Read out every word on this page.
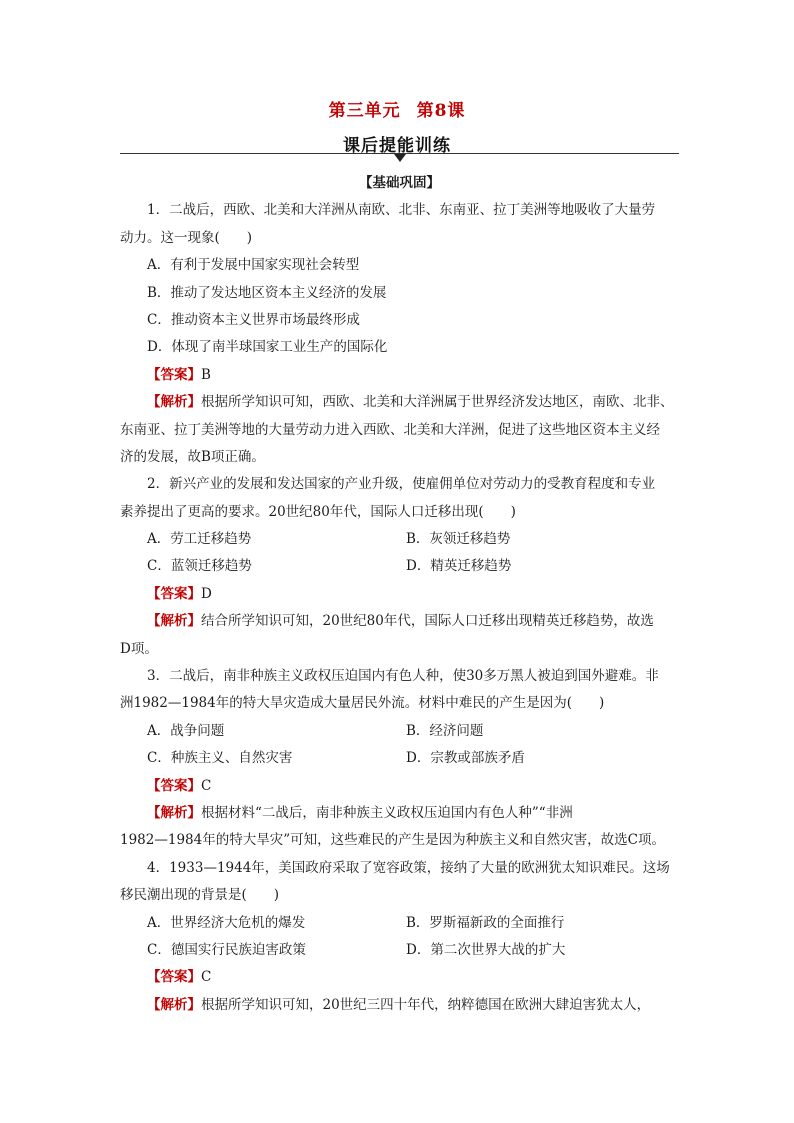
第三单元 第8课
课后提能训练
【基础巩固】
1．二战后，西欧、北美和大洋洲从南欧、北非、东南亚、拉丁美洲等地吸收了大量劳
动力。这一现象(　　)
A．有利于发展中国家实现社会转型
B．推动了发达地区资本主义经济的发展
C．推动资本主义世界市场最终形成
D．体现了南半球国家工业生产的国际化
【答案】B
【解析】根据所学知识可知，西欧、北美和大洋洲属于世界经济发达地区，南欧、北非、
东南亚、拉丁美洲等地的大量劳动力进入西欧、北美和大洋洲，促进了这些地区资本主义经
济的发展，故B项正确。
2．新兴产业的发展和发达国家的产业升级，使雇佣单位对劳动力的受教育程度和专业
素养提出了更高的要求。20世纪80年代，国际人口迁移出现(　　)
A．劳工迁移趋势	B．灰领迁移趋势
C．蓝领迁移趋势	D．精英迁移趋势
【答案】D
【解析】结合所学知识可知，20世纪80年代，国际人口迁移出现精英迁移趋势，故选
D项。
3．二战后，南非种族主义政权压迫国内有色人种，使30多万黑人被迫到国外避难。非
洲1982—1984年的特大旱灾造成大量居民外流。材料中难民的产生是因为(　　)
A．战争问题	B．经济问题
C．种族主义、自然灾害	D．宗教或部族矛盾
【答案】C
【解析】根据材料“二战后，南非种族主义政权压迫国内有色人种”“非洲
1982—1984年的特大旱灾”可知，这些难民的产生是因为种族主义和自然灾害，故选C项。
4．1933—1944年，美国政府采取了宽容政策，接纳了大量的欧洲犹太知识难民。这场
移民潮出现的背景是(　　)
A．世界经济大危机的爆发	B．罗斯福新政的全面推行
C．德国实行民族迫害政策	D．第二次世界大战的扩大
【答案】C
【解析】根据所学知识可知，20世纪三四十年代，纳粹德国在欧洲大肆迫害犹太人，
